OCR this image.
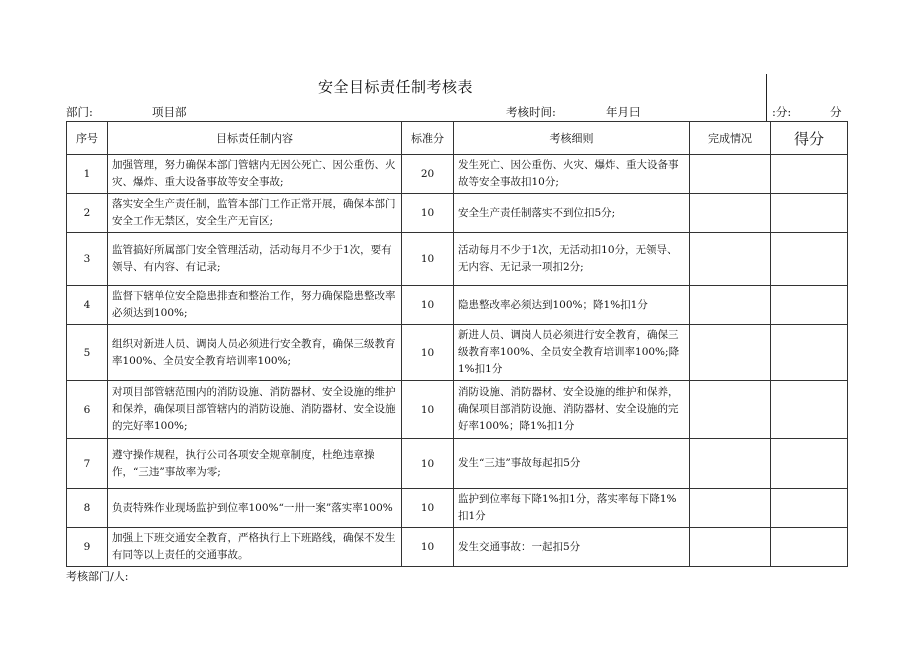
安全目标责任制考核表
部门:	项目部	考核时间:	年月曰	:分:	分
序号	目标责任制内容	标准分	考核细则	完成情况	得分
1	加强管理，努力确保本部门管辖内无因公死亡、因公重伤、火灾、爆炸、重大设备事故等安全事故;	20	发生死亡、因公重伤、火灾、爆炸、重大设备事故等安全事故扣10分;		
2	落实安全生产责任制，监管本部门工作正常开展，确保本部门安全工作无禁区，安全生产无盲区;	10	安全生产责任制落实不到位扣5分;		
3	监管搞好所属部门安全管理活动，活动每月不少于1次，要有领导、有内容、有记录;	10	活动每月不少于1次，无活动扣10分，无领导、无内容、无记录一项扣2分;		
4	监督下辖单位安全隐患排查和整治工作，努力确保隐患整改率必须达到100%;	10	隐患整改率必须达到100%；降1%扣1分		
5	组织对新进人员、调岗人员必须进行安全教育，确保三级教育率100%、全员安全教育培训率100%;	10	新进人员、调岗人员必须进行安全教育，确保三级教育率100%、全员安全教育培训率100%;降1%扣1分		
6	对项目部管辖范围内的消防设施、消防器材、安全设施的维护和保养，确保项目部管辖内的消防设施、消防器材、安全设施的完好率100%;	10	消防设施、消防器材、安全设施的维护和保养，确保项目部消防设施、消防器材、安全设施的完好率100%；降1%扣1分		
7	遵守操作规程，执行公司各项安全规章制度，杜绝违章操作，“三违”事故率为零;	10	发生“三违”事故每起扣5分		
8	负责特殊作业现场监护到位率100%“一卅一案”落实率100%	10	监护到位率每下降1%扣1分，落实率每下降1%扣1分		
9	加强上下班交通安全教育，严格执行上下班路线，确保不发生有同等以上责任的交通事故。	10	发生交通事故：一起扣5分		
考核部门/人:
